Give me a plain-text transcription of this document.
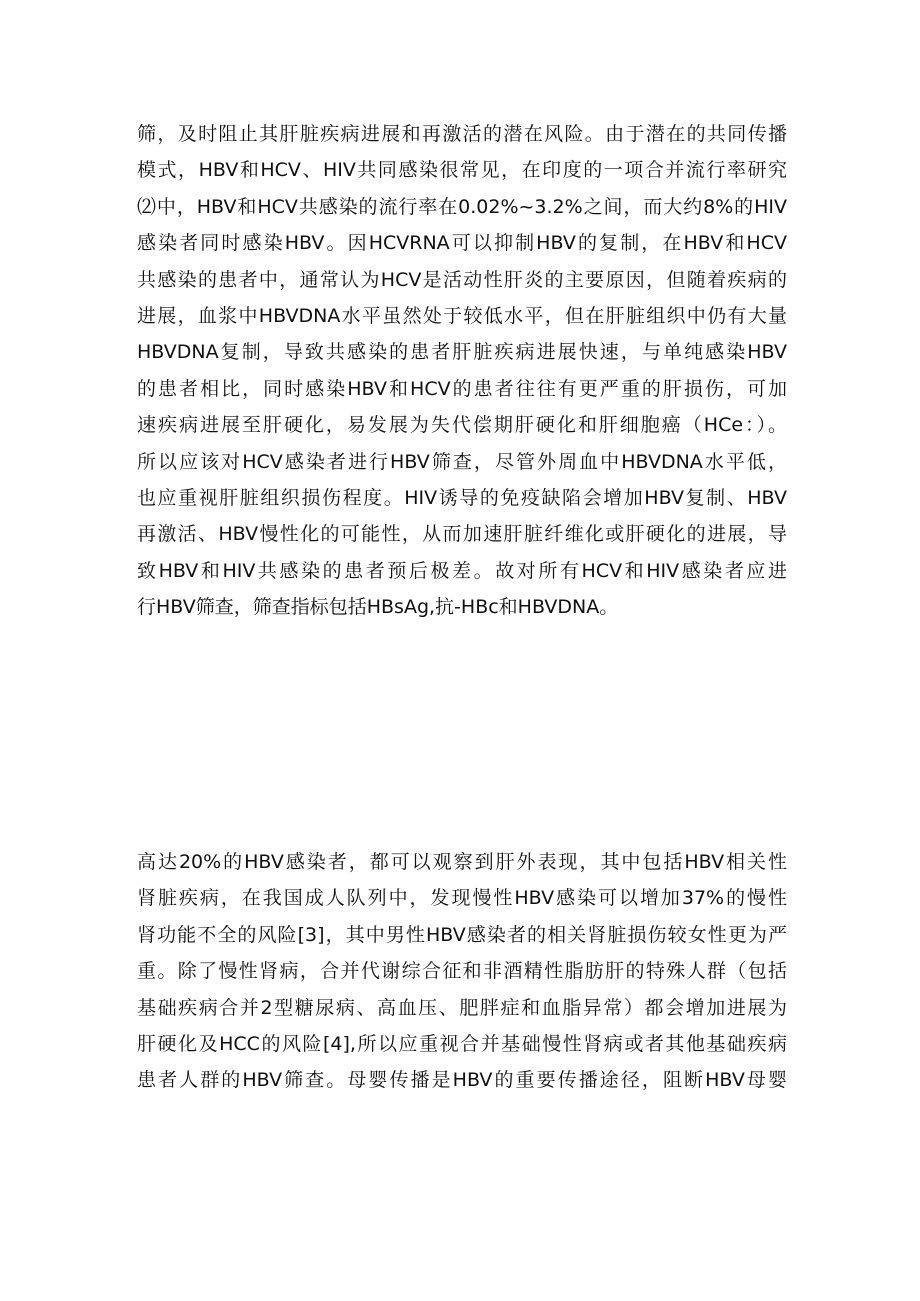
筛，及时阻止其肝脏疾病进展和再激活的潜在风险。由于潜在的共同传播
模式，HBV和HCV、HIV共同感染很常见，在印度的一项合并流行率研究
⑵中，HBV和HCV共感染的流行率在0.02%~3.2%之间，而大约8%的HIV
感染者同时感染HBV。因HCVRNA可以抑制HBV的复制，在HBV和HCV
共感染的患者中，通常认为HCV是活动性肝炎的主要原因，但随着疾病的
进展，血浆中HBVDNA水平虽然处于较低水平，但在肝脏组织中仍有大量
HBVDNA复制，导致共感染的患者肝脏疾病进展快速，与单纯感染HBV
的患者相比，同时感染HBV和HCV的患者往往有更严重的肝损伤，可加
速疾病进展至肝硬化，易发展为失代偿期肝硬化和肝细胞癌（HCe：）。
所以应该对HCV感染者进行HBV筛查，尽管外周血中HBVDNA水平低，
也应重视肝脏组织损伤程度。HIV诱导的免疫缺陷会增加HBV复制、HBV
再激活、HBV慢性化的可能性，从而加速肝脏纤维化或肝硬化的进展，导
致HBV和HIV共感染的患者预后极差。故对所有HCV和HIV感染者应进
行HBV筛查，筛查指标包括HBsAg,抗-HBc和HBVDNA。
高达20%的HBV感染者，都可以观察到肝外表现，其中包括HBV相关性
肾脏疾病，在我国成人队列中，发现慢性HBV感染可以增加37%的慢性
肾功能不全的风险[3]，其中男性HBV感染者的相关肾脏损伤较女性更为严
重。除了慢性肾病，合并代谢综合征和非酒精性脂肪肝的特殊人群（包括
基础疾病合并2型糖尿病、高血压、肥胖症和血脂异常）都会增加进展为
肝硬化及HCC的风险[4],所以应重视合并基础慢性肾病或者其他基础疾病
患者人群的HBV筛查。母婴传播是HBV的重要传播途径，阻断HBV母婴
